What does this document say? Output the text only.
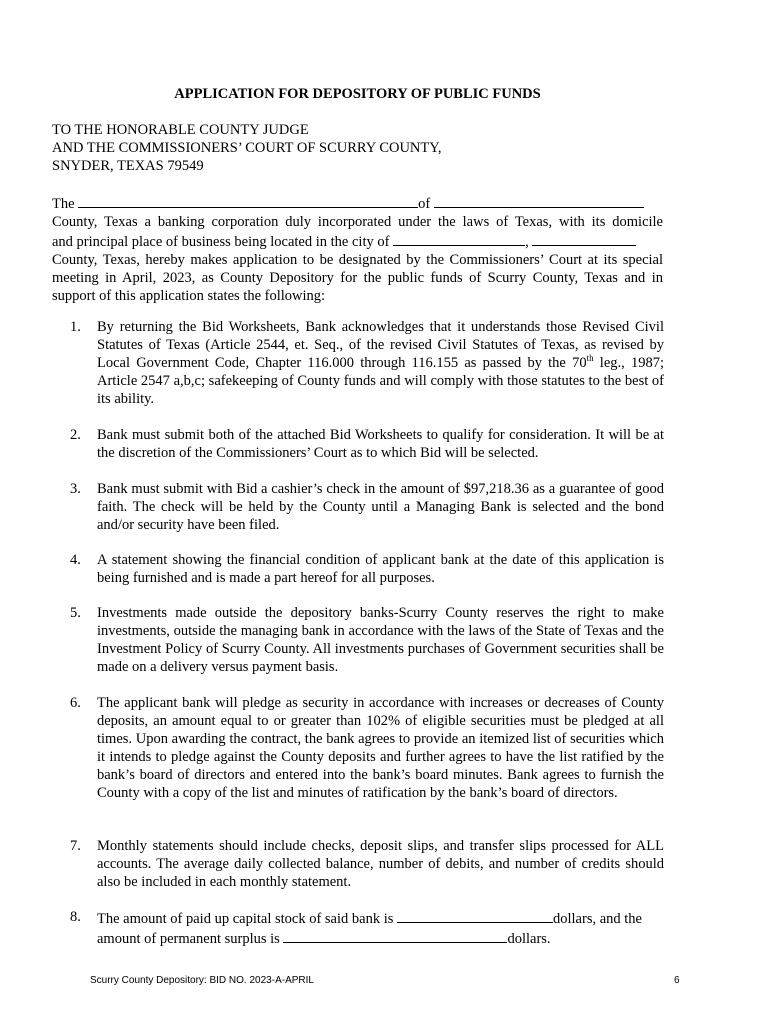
APPLICATION FOR DEPOSITORY OF PUBLIC FUNDS
TO THE HONORABLE COUNTY JUDGE
AND THE COMMISSIONERS’ COURT OF SCURRY COUNTY,
SNYDER, TEXAS 79549
The	of
County, Texas a banking corporation duly incorporated under the laws of Texas, with its domicile
and principal place of business being located in the city of	,
County, Texas, hereby makes application to be designated by the Commissioners’ Court at its special meeting in April, 2023, as County Depository for the public funds of Scurry County, Texas and in support of this application states the following:
1.	By returning the Bid Worksheets, Bank acknowledges that it understands those Revised Civil Statutes of Texas (Article 2544, et. Seq., of the revised Civil Statutes of Texas, as revised by Local Government Code, Chapter 116.000 through 116.155 as passed by the 70th leg., 1987; Article 2547 a,b,c; safekeeping of County funds and will comply with those statutes to the best of its ability.
2.	Bank must submit both of the attached Bid Worksheets to qualify for consideration. It will be at the discretion of the Commissioners’ Court as to which Bid will be selected.
3.	Bank must submit with Bid a cashier’s check in the amount of $97,218.36 as a guarantee of good faith. The check will be held by the County until a Managing Bank is selected and the bond and/or security have been filed.
4.	A statement showing the financial condition of applicant bank at the date of this application is being furnished and is made a part hereof for all purposes.
5.	Investments made outside the depository banks-Scurry County reserves the right to make investments, outside the managing bank in accordance with the laws of the State of Texas and the Investment Policy of Scurry County. All investments purchases of Government securities shall be made on a delivery versus payment basis.
6.	The applicant bank will pledge as security in accordance with increases or decreases of County deposits, an amount equal to or greater than 102% of eligible securities must be pledged at all times. Upon awarding the contract, the bank agrees to provide an itemized list of securities which it intends to pledge against the County deposits and further agrees to have the list ratified by the bank’s board of directors and entered into the bank’s board minutes. Bank agrees to furnish the County with a copy of the list and minutes of ratification by the bank’s board of directors.
7.	Monthly statements should include checks, deposit slips, and transfer slips processed for ALL accounts. The average daily collected balance, number of debits, and number of credits should also be included in each monthly statement.
8.	The amount of paid up capital stock of said bank is	dollars, and the
amount of permanent surplus is	dollars.
Scurry County Depository: BID NO. 2023-A-APRIL	6
